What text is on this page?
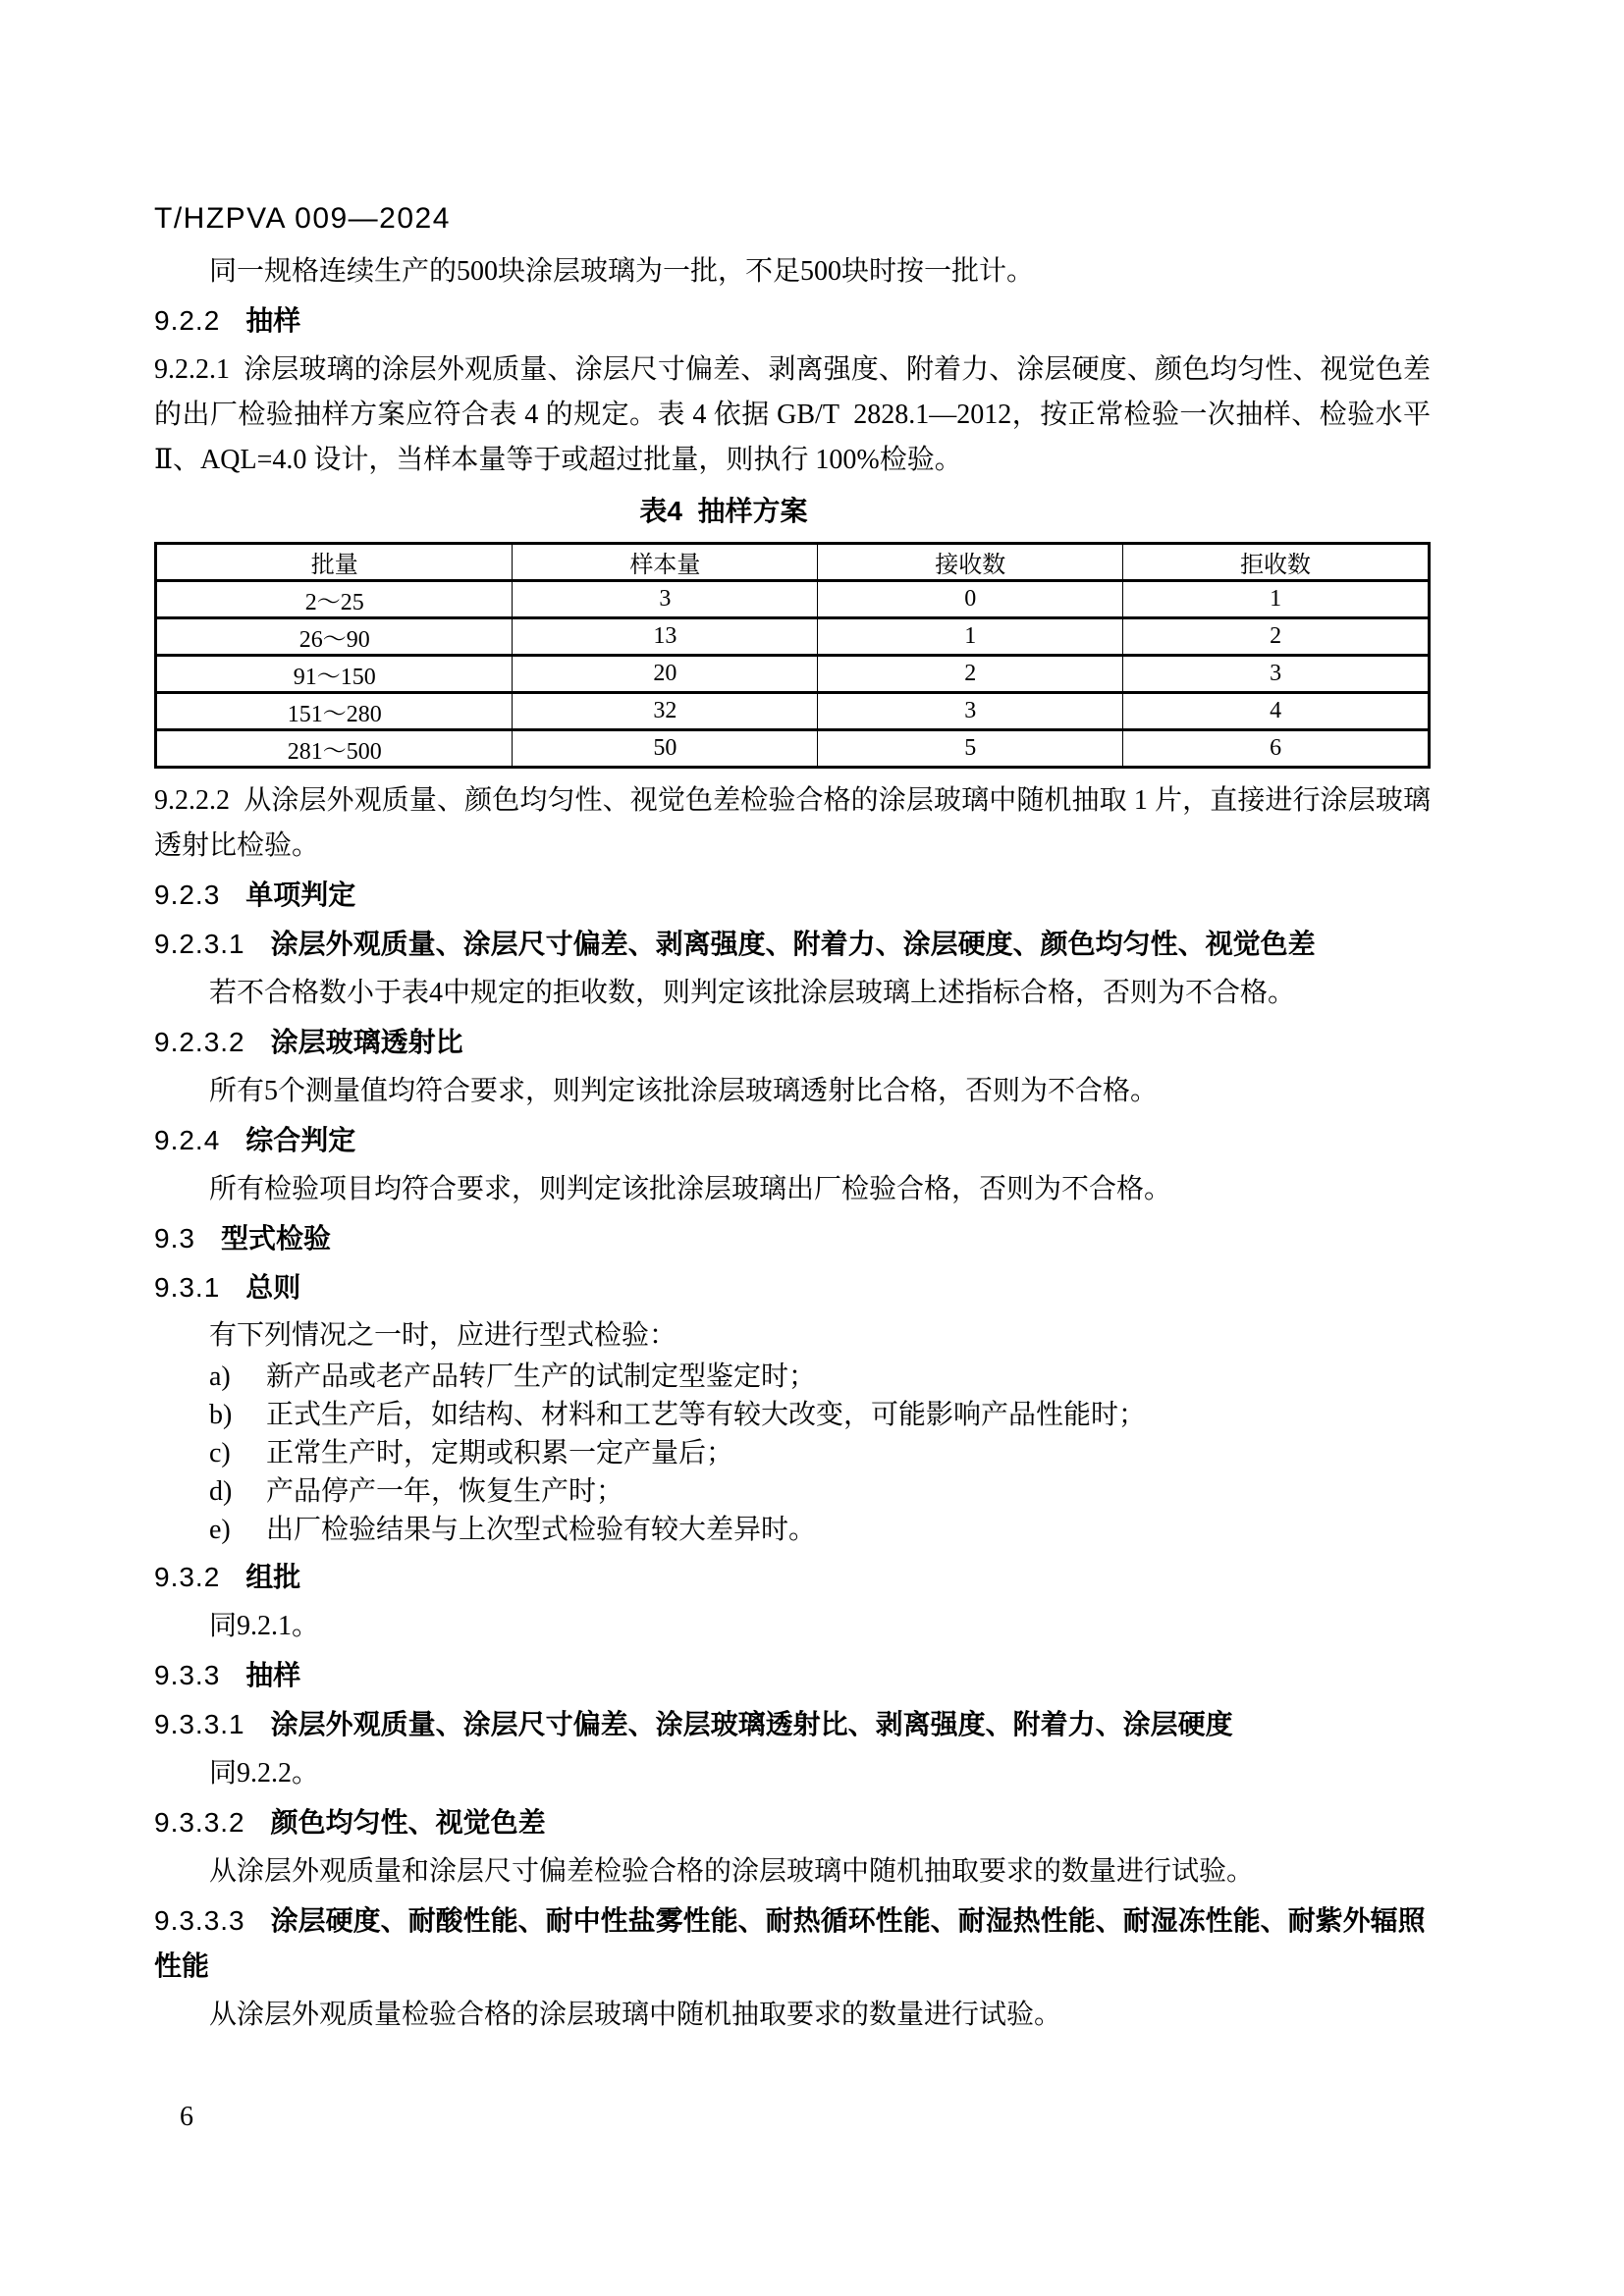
T/HZPVA 009—2024

同一规格连续生产的500块涂层玻璃为一批，不足500块时按一批计。

9.2.2 抽样

9.2.2.1  涂层玻璃的涂层外观质量、涂层尺寸偏差、剥离强度、附着力、涂层硬度、颜色均匀性、视觉色差的出厂检验抽样方案应符合表 4 的规定。表 4 依据 GB/T  2828.1—2012，按正常检验一次抽样、检验水平Ⅱ、AQL=4.0 设计，当样本量等于或超过批量，则执行 100%检验。

表4  抽样方案
批量	样本量	接收数	拒收数
2～25	3	0	1
26～90	13	1	2
91～150	20	2	3
151～280	32	3	4
281～500	50	5	6

9.2.2.2  从涂层外观质量、颜色均匀性、视觉色差检验合格的涂层玻璃中随机抽取 1 片，直接进行涂层玻璃透射比检验。

9.2.3 单项判定
9.2.3.1 涂层外观质量、涂层尺寸偏差、剥离强度、附着力、涂层硬度、颜色均匀性、视觉色差

若不合格数小于表4中规定的拒收数，则判定该批涂层玻璃上述指标合格，否则为不合格。

9.2.3.2 涂层玻璃透射比

所有5个测量值均符合要求，则判定该批涂层玻璃透射比合格，否则为不合格。

9.2.4 综合判定

所有检验项目均符合要求，则判定该批涂层玻璃出厂检验合格，否则为不合格。

9.3 型式检验
9.3.1 总则

有下列情况之一时，应进行型式检验：

a)	新产品或老产品转厂生产的试制定型鉴定时；
b)	正式生产后，如结构、材料和工艺等有较大改变，可能影响产品性能时；
c)	正常生产时，定期或积累一定产量后；
d)	产品停产一年，恢复生产时；
e)	出厂检验结果与上次型式检验有较大差异时。
9.3.2 组批

同9.2.1。

9.3.3 抽样
9.3.3.1 涂层外观质量、涂层尺寸偏差、涂层玻璃透射比、剥离强度、附着力、涂层硬度

同9.2.2。

9.3.3.2 颜色均匀性、视觉色差

从涂层外观质量和涂层尺寸偏差检验合格的涂层玻璃中随机抽取要求的数量进行试验。

9.3.3.3 涂层硬度、耐酸性能、耐中性盐雾性能、耐热循环性能、耐湿热性能、耐湿冻性能、耐紫外辐照性能

从涂层外观质量检验合格的涂层玻璃中随机抽取要求的数量进行试验。

6
